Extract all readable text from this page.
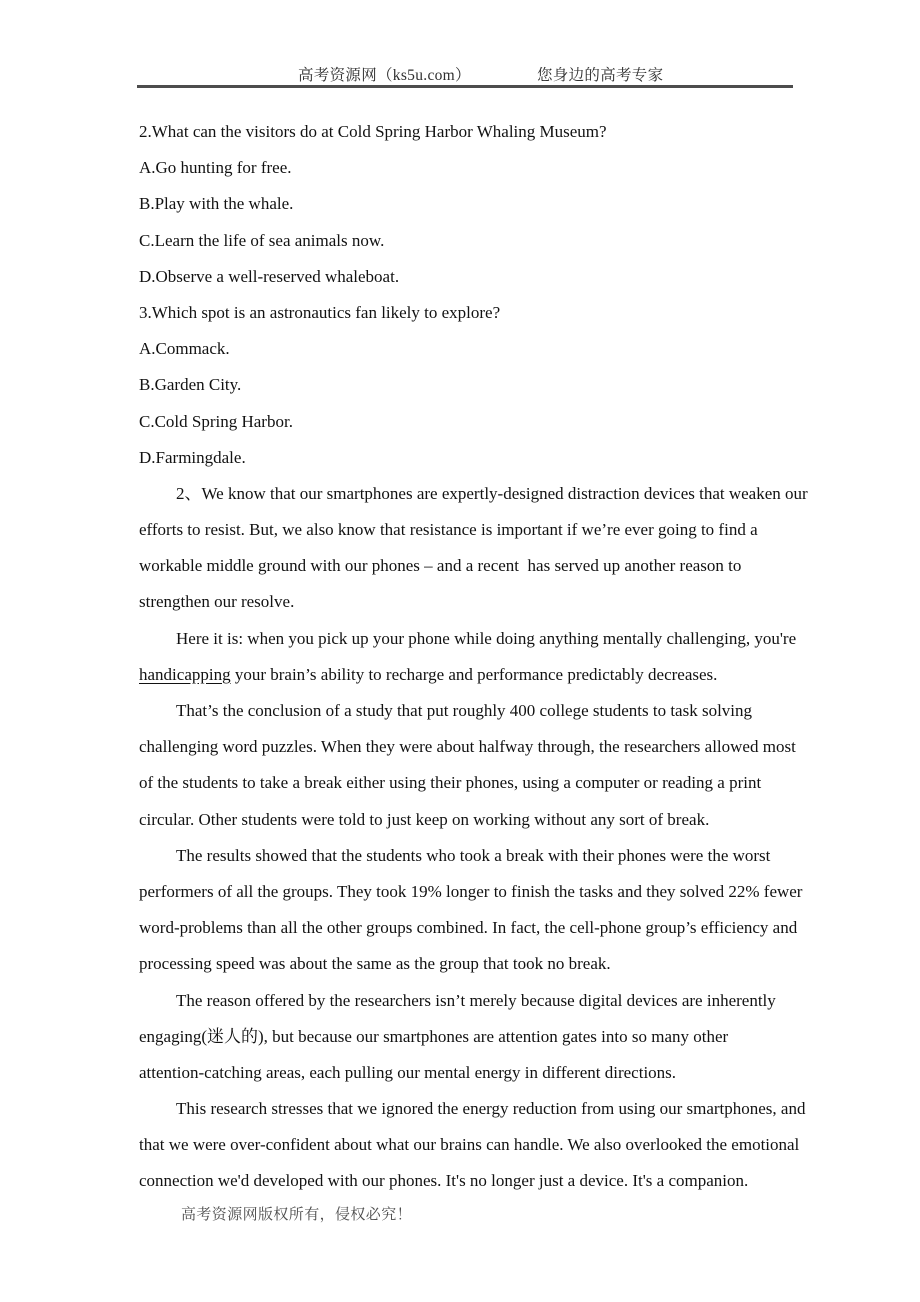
高考资源网（ks5u.com）	您身边的高考专家
2.What can the visitors do at Cold Spring Harbor Whaling Museum?
A.Go hunting for free.
B.Play with the whale.
C.Learn the life of sea animals now.
D.Observe a well-reserved whaleboat.
3.Which spot is an astronautics fan likely to explore?
A.Commack.
B.Garden City.
C.Cold Spring Harbor.
D.Farmingdale.
2、We know that our smartphones are expertly-designed distraction devices that weaken our
efforts to resist. But, we also know that resistance is important if we’re ever going to find a
workable middle ground with our phones – and a recent  has served up another reason to
strengthen our resolve.
Here it is: when you pick up your phone while doing anything mentally challenging, you're
handicapping your brain’s ability to recharge and performance predictably decreases.
That’s the conclusion of a study that put roughly 400 college students to task solving
challenging word puzzles. When they were about halfway through, the researchers allowed most
of the students to take a break either using their phones, using a computer or reading a print
circular. Other students were told to just keep on working without any sort of break.
The results showed that the students who took a break with their phones were the worst
performers of all the groups. They took 19% longer to finish the tasks and they solved 22% fewer
word-problems than all the other groups combined. In fact, the cell-phone group’s efficiency and
processing speed was about the same as the group that took no break.
The reason offered by the researchers isn’t merely because digital devices are inherently
engaging(迷人的), but because our smartphones are attention gates into so many other
attention-catching areas, each pulling our mental energy in different directions.
This research stresses that we ignored the energy reduction from using our smartphones, and
that we were over-confident about what our brains can handle. We also overlooked the emotional
connection we'd developed with our phones. It's no longer just a device. It's a companion.
高考资源网版权所有，侵权必究！
